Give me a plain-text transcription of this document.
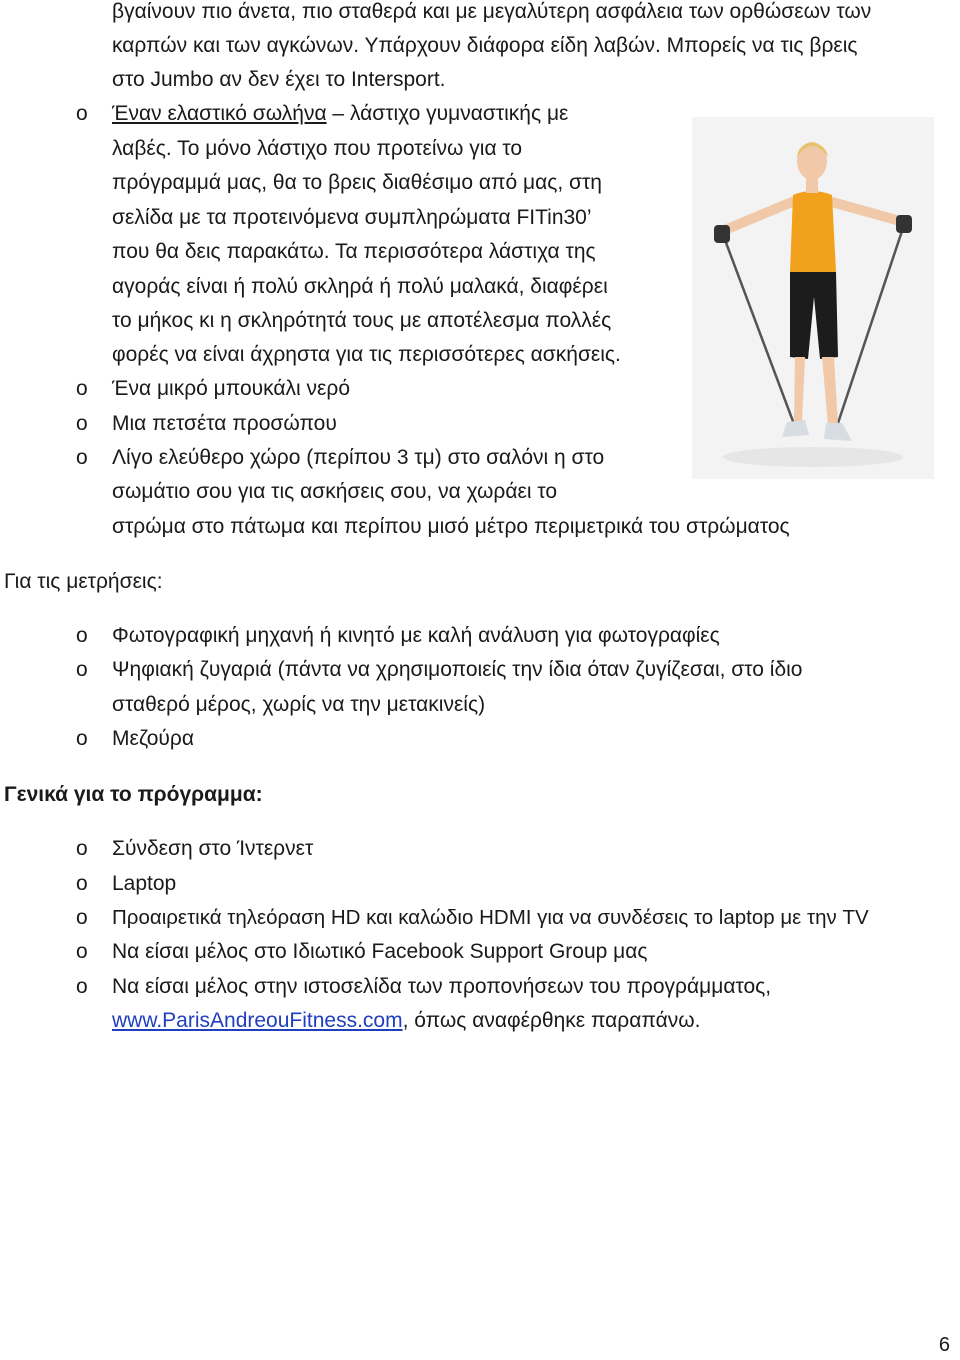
βγαίνουν πιο άνετα, πιο σταθερά και με μεγαλύτερη ασφάλεια των ορθώσεων των
καρπών και των αγκώνων. Υπάρχουν διάφορα είδη λαβών. Μπορείς να τις βρεις
στο Jumbo αν δεν έχει το Intersport.
o Έναν ελαστικό σωλήνα – λάστιχο γυμναστικής με
λαβές. Το μόνο λάστιχο που προτείνω για το
πρόγραμμά μας, θα το βρεις διαθέσιμο από μας, στη
σελίδα με τα προτεινόμενα συμπληρώματα FITin30’
που θα δεις παρακάτω. Τα περισσότερα λάστιχα της
αγοράς είναι ή πολύ σκληρά ή πολύ μαλακά, διαφέρει
το μήκος κι η σκληρότητά τους με αποτέλεσμα πολλές
φορές να είναι άχρηστα για τις περισσότερες ασκήσεις.
o Ένα μικρό μπουκάλι νερό
o Μια πετσέτα προσώπου
o Λίγο ελεύθερο χώρο (περίπου 3 τμ) στο σαλόνι η στο
σωμάτιο σου για τις ασκήσεις σου, να χωράει το
στρώμα στο πάτωμα και περίπου μισό μέτρο περιμετρικά του στρώματος
Για τις μετρήσεις:
o Φωτογραφική μηχανή ή κινητό με καλή ανάλυση για φωτογραφίες
o Ψηφιακή ζυγαριά (πάντα να χρησιμοποιείς την ίδια όταν ζυγίζεσαι, στο ίδιο
σταθερό μέρος, χωρίς να την μετακινείς)
o Μεζούρα
Γενικά για το πρόγραμμα:
o Σύνδεση στο Ίντερνετ
o Laptop
o Προαιρετικά τηλεόραση HD και καλώδιο HDMI για να συνδέσεις το laptop με την TV
o Να είσαι μέλος στο Ιδιωτικό Facebook Support Group μας
o Να είσαι μέλος στην ιστοσελίδα των προπονήσεων του προγράμματος,
www.ParisAndreouFitness.com, όπως αναφέρθηκε παραπάνω.
6
